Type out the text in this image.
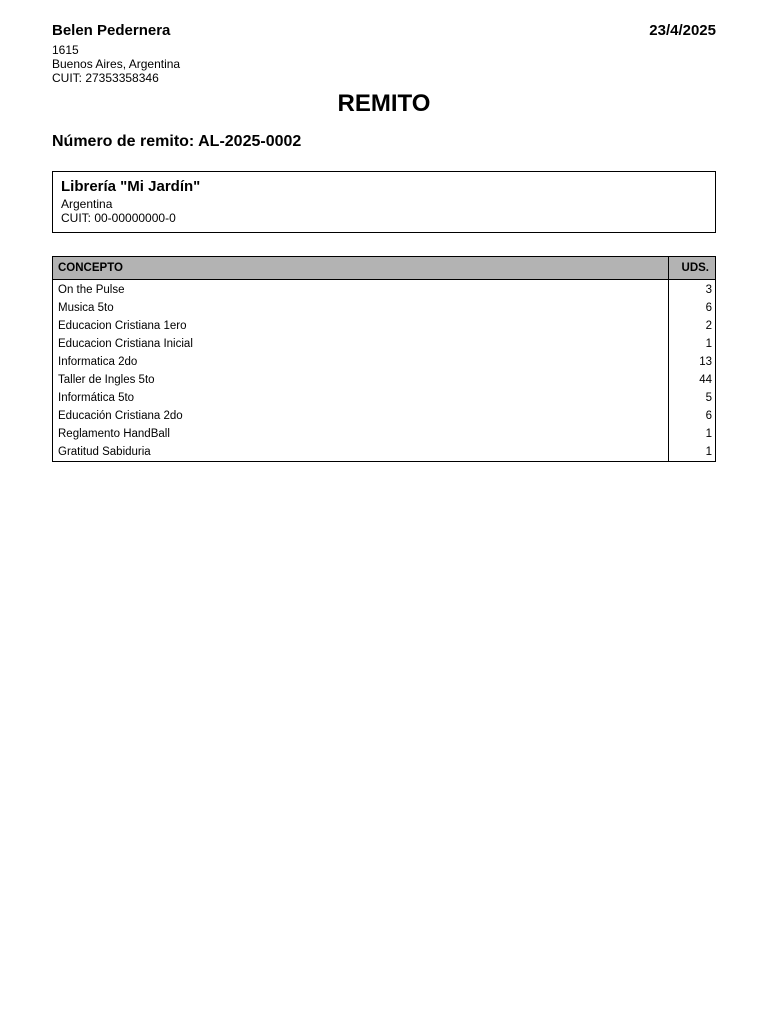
Belen Pedernera	23/4/2025
1615
Buenos Aires, Argentina
CUIT: 27353358346
REMITO
Número de remito: AL-2025-0002
Librería "Mi Jardín"
Argentina
CUIT: 00-00000000-0
CONCEPTO	UDS.
On the Pulse	3
Musica 5to	6
Educacion Cristiana 1ero	2
Educacion Cristiana Inicial	1
Informatica 2do	13
Taller de Ingles 5to	44
Informática 5to	5
Educación Cristiana 2do	6
Reglamento HandBall	1
Gratitud Sabiduria	1
